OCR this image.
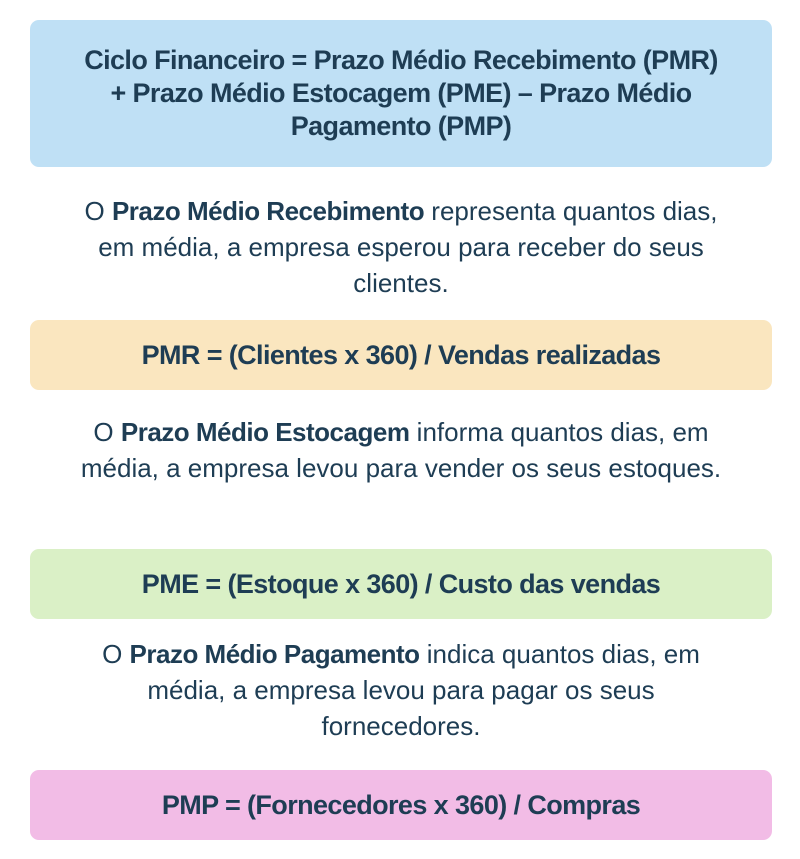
Ciclo Financeiro = Prazo Médio Recebimento (PMR)
+ Prazo Médio Estocagem (PME) – Prazo Médio
Pagamento (PMP)
O Prazo Médio Recebimento representa quantos dias, em média, a empresa esperou para receber do seus clientes.
PMR = (Clientes x 360) / Vendas realizadas
O Prazo Médio Estocagem informa quantos dias, em média, a empresa levou para vender os seus estoques.
PME = (Estoque x 360) / Custo das vendas
O Prazo Médio Pagamento indica quantos dias, em média, a empresa levou para pagar os seus fornecedores.
PMP = (Fornecedores x 360) / Compras
